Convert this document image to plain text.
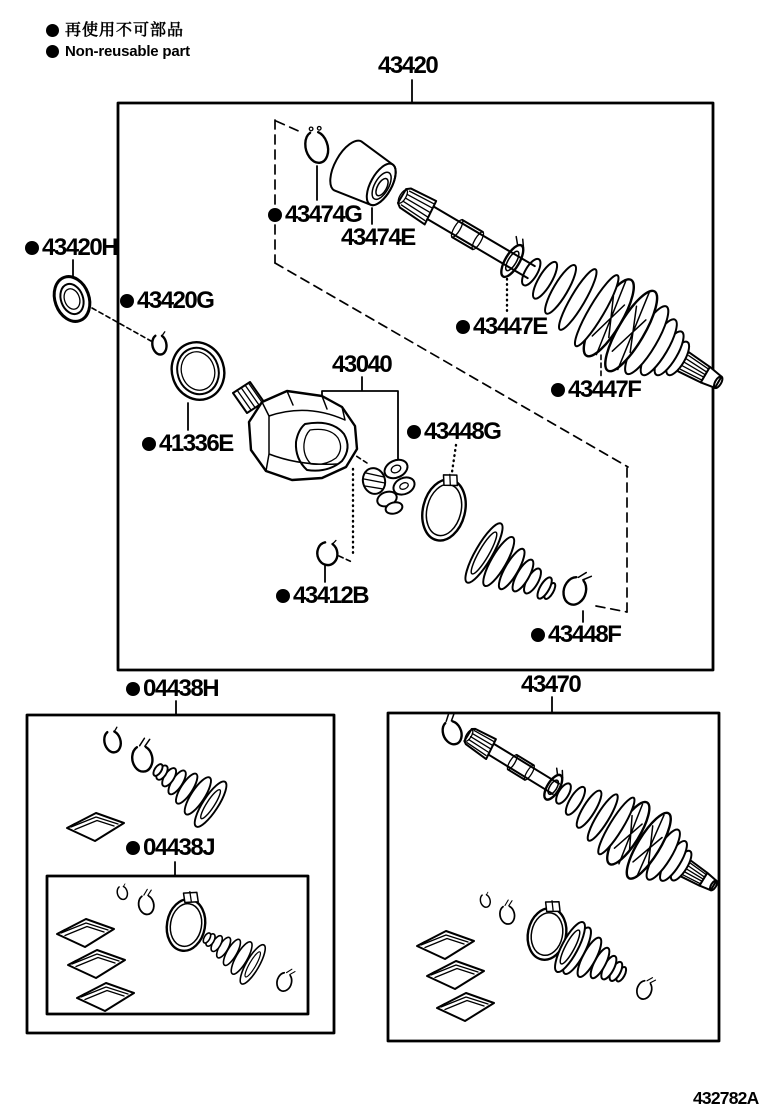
再使用不可部品
Non-reusable part
43420
43474G
43474E
43420H
43420G
43447E
43040
43447F
43448G
41336E
43412B
43448F
04438H	43470
04438J
432782A
